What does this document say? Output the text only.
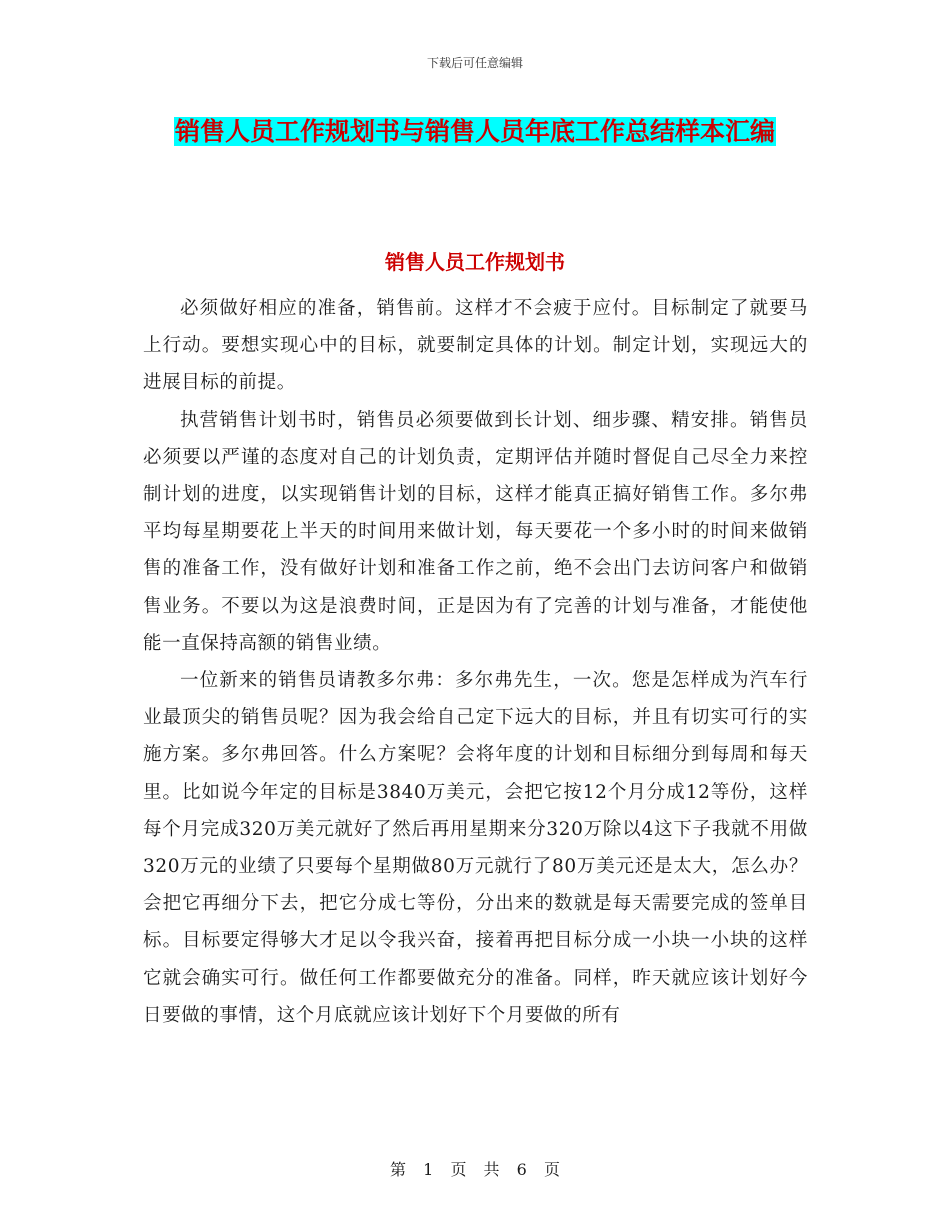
下载后可任意编辑
销售人员工作规划书与销售人员年底工作总结样本汇编
销售人员工作规划书

必须做好相应的准备，销售前。这样才不会疲于应付。目标制定了就要马上行动。要想实现心中的目标，就要制定具体的计划。制定计划，实现远大的进展目标的前提。

执营销售计划书时，销售员必须要做到长计划、细步骤、精安排。销售员必须要以严谨的态度对自己的计划负责，定期评估并随时督促自己尽全力来控制计划的进度，以实现销售计划的目标，这样才能真正搞好销售工作。多尔弗平均每星期要花上半天的时间用来做计划，每天要花一个多小时的时间来做销售的准备工作，没有做好计划和准备工作之前，绝不会出门去访问客户和做销售业务。不要以为这是浪费时间，正是因为有了完善的计划与准备，才能使他能一直保持高额的销售业绩。

一位新来的销售员请教多尔弗：多尔弗先生，一次。您是怎样成为汽车行业最顶尖的销售员呢？因为我会给自己定下远大的目标，并且有切实可行的实施方案。多尔弗回答。什么方案呢？会将年度的计划和目标细分到每周和每天里。比如说今年定的目标是3840万美元，会把它按12个月分成12等份，这样每个月完成320万美元就好了然后再用星期来分320万除以4这下子我就不用做320万元的业绩了只要每个星期做80万元就行了80万美元还是太大，怎么办？会把它再细分下去，把它分成七等份，分出来的数就是每天需要完成的签单目标。目标要定得够大才足以令我兴奋，接着再把目标分成一小块一小块的这样它就会确实可行。做任何工作都要做充分的准备。同样，昨天就应该计划好今日要做的事情，这个月底就应该计划好下个月要做的所有

第 1 页 共 6 页
